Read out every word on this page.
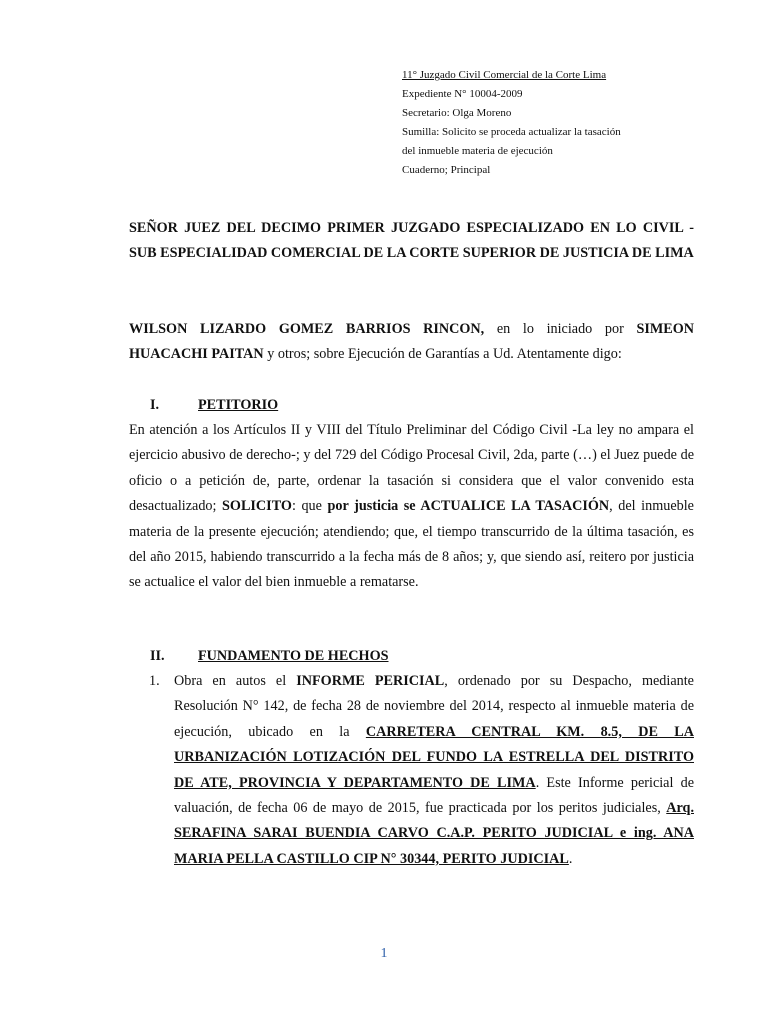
11° Juzgado Civil Comercial de la Corte Lima
Expediente N° 10004-2009
Secretario: Olga Moreno
Sumilla: Solicito se proceda actualizar la tasación
del inmueble materia de ejecución
Cuaderno; Principal

SEÑOR JUEZ DEL DECIMO PRIMER JUZGADO ESPECIALIZADO EN LO CIVIL - SUB ESPECIALIDAD COMERCIAL DE LA CORTE SUPERIOR DE JUSTICIA DE LIMA

WILSON LIZARDO GOMEZ BARRIOS RINCON, en lo iniciado por SIMEON HUACACHI PAITAN y otros; sobre Ejecución de Garantías a Ud. Atentamente digo:

I.	PETITORIO

En atención a los Artículos II y VIII del Título Preliminar del Código Civil -La ley no ampara el ejercicio abusivo de derecho-; y del 729 del Código Procesal Civil, 2da, parte (…) el Juez puede de oficio o a petición de, parte, ordenar la tasación si considera que el valor convenido esta desactualizado; SOLICITO: que por justicia se ACTUALICE LA TASACIÓN, del inmueble materia de la presente ejecución; atendiendo; que, el tiempo transcurrido de la última tasación, es del año 2015, habiendo transcurrido a la fecha más de 8 años; y, que siendo así, reitero por justicia se actualice el valor del bien inmueble a rematarse.

II. FUNDAMENTO DE HECHOS
1. Obra en autos el INFORME PERICIAL, ordenado por su Despacho, mediante Resolución N° 142, de fecha 28 de noviembre del 2014, respecto al inmueble materia de ejecución, ubicado en la CARRETERA CENTRAL KM. 8.5, DE LA URBANIZACIÓN LOTIZACIÓN DEL FUNDO LA ESTRELLA DEL DISTRITO DE ATE, PROVINCIA Y DEPARTAMENTO DE LIMA. Este Informe pericial de valuación, de fecha 06 de mayo de 2015, fue practicada por los peritos judiciales, Arq. SERAFINA SARAI BUENDIA CARVO C.A.P. PERITO JUDICIAL e ing. ANA MARIA PELLA CASTILLO CIP N° 30344, PERITO JUDICIAL.
1
